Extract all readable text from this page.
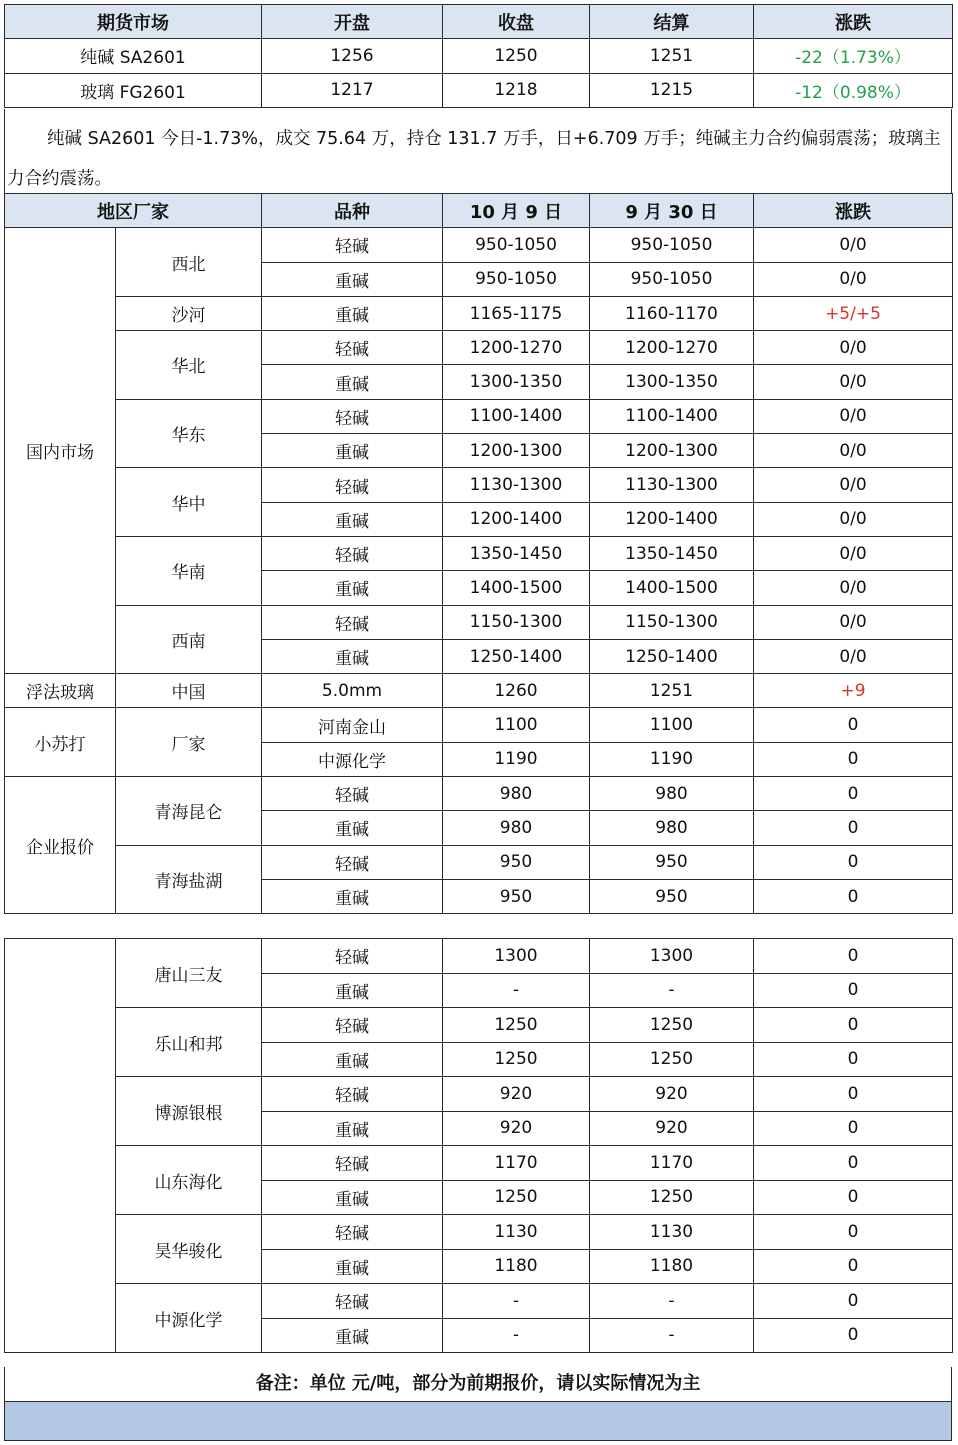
期货市场	开盘	收盘	结算	涨跌
纯碱 SA2601	1256	1250	1251	-22（1.73%）
玻璃 FG2601	1217	1218	1215	-12（0.98%）
纯碱 SA2601 今日-1.73%，成交 75.64 万，持仓 131.7 万手，日+6.709 万手；纯碱主力合约偏弱震荡；玻璃主力合约震荡。
地区厂家		品种	10 月 9 日	9 月 30 日	涨跌
国内市场	西北	轻碱	950-1050	950-1050	0/0
		重碱	950-1050	950-1050	0/0
	沙河	重碱	1165-1175	1160-1170	+5/+5
	华北	轻碱	1200-1270	1200-1270	0/0
		重碱	1300-1350	1300-1350	0/0
	华东	轻碱	1100-1400	1100-1400	0/0
		重碱	1200-1300	1200-1300	0/0
	华中	轻碱	1130-1300	1130-1300	0/0
		重碱	1200-1400	1200-1400	0/0
	华南	轻碱	1350-1450	1350-1450	0/0
		重碱	1400-1500	1400-1500	0/0
	西南	轻碱	1150-1300	1150-1300	0/0
		重碱	1250-1400	1250-1400	0/0
浮法玻璃	中国	5.0mm	1260	1251	+9
小苏打	厂家	河南金山	1100	1100	0
		中源化学	1190	1190	0
企业报价	青海昆仑	轻碱	980	980	0
		重碱	980	980	0
	青海盐湖	轻碱	950	950	0
		重碱	950	950	0
	唐山三友	轻碱	1300	1300	0
		重碱	-	-	0
	乐山和邦	轻碱	1250	1250	0
		重碱	1250	1250	0
	博源银根	轻碱	920	920	0
		重碱	920	920	0
	山东海化	轻碱	1170	1170	0
		重碱	1250	1250	0
	昊华骏化	轻碱	1130	1130	0
		重碱	1180	1180	0
	中源化学	轻碱	-	-	0
		重碱	-	-	0
备注：单位 元/吨，部分为前期报价，请以实际情况为主
